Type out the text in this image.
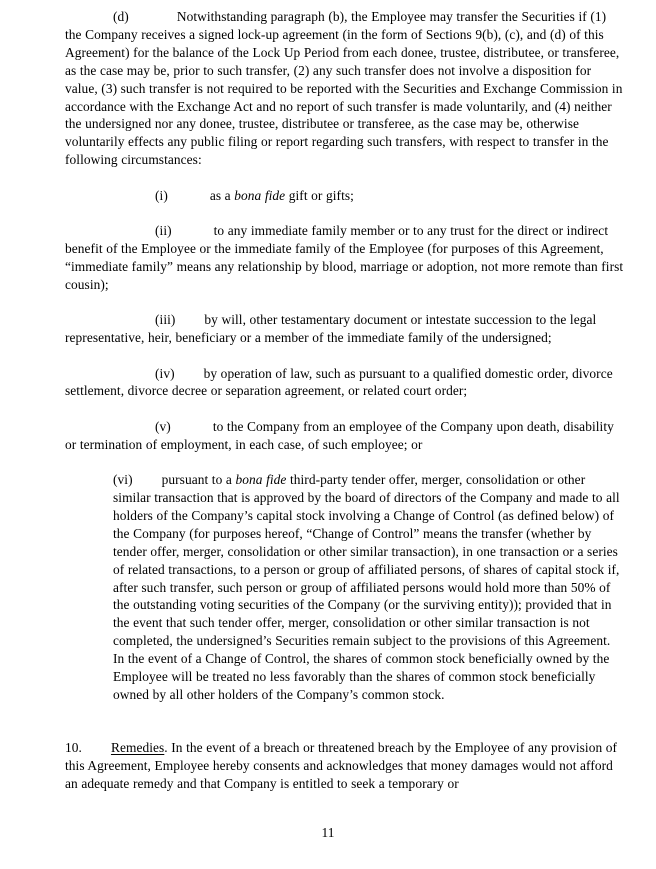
(d)	Notwithstanding paragraph (b), the Employee may transfer the Securities if (1) the Company receives a signed lock-up agreement (in the form of Sections 9(b), (c), and (d) of this Agreement) for the balance of the Lock Up Period from each donee, trustee, distributee, or transferee, as the case may be, prior to such transfer, (2) any such transfer does not involve a disposition for value, (3) such transfer is not required to be reported with the Securities and Exchange Commission in accordance with the Exchange Act and no report of such transfer is made voluntarily, and (4) neither the undersigned nor any donee, trustee, distributee or transferee, as the case may be, otherwise voluntarily effects any public filing or report regarding such transfers, with respect to transfer in the following circumstances:

(i)	as a bona fide gift or gifts;

(ii)	to any immediate family member or to any trust for the direct or indirect benefit of the Employee or the immediate family of the Employee (for purposes of this Agreement, “immediate family” means any relationship by blood, marriage or adoption, not more remote than first cousin);

(iii) by will, other testamentary document or intestate succession to the legal representative, heir, beneficiary or a member of the immediate family of the undersigned;

(iv) by operation of law, such as pursuant to a qualified domestic order, divorce settlement, divorce decree or separation agreement, or related court order;

(v)	to the Company from an employee of the Company upon death, disability or termination of employment, in each case, of such employee; or

(vi) pursuant to a bona fide third-party tender offer, merger, consolidation or other similar transaction that is approved by the board of directors of the Company and made to all holders of the Company’s capital stock involving a Change of Control (as defined below) of the Company (for purposes hereof, “Change of Control” means the transfer (whether by tender offer, merger, consolidation or other similar transaction), in one transaction or a series of related transactions, to a person or group of affiliated persons, of shares of capital stock if, after such transfer, such person or group of affiliated persons would hold more than 50% of the outstanding voting securities of the Company (or the surviving entity)); provided that in the event that such tender offer, merger, consolidation or other similar transaction is not completed, the undersigned’s Securities remain subject to the provisions of this Agreement. In the event of a Change of Control, the shares of common stock beneficially owned by the Employee will be treated no less favorably than the shares of common stock beneficially owned by all other holders of the Company’s common stock.

10. Remedies. In the event of a breach or threatened breach by the Employee of any provision of this Agreement, Employee hereby consents and acknowledges that money damages would not afford an adequate remedy and that Company is entitled to seek a temporary or

11
